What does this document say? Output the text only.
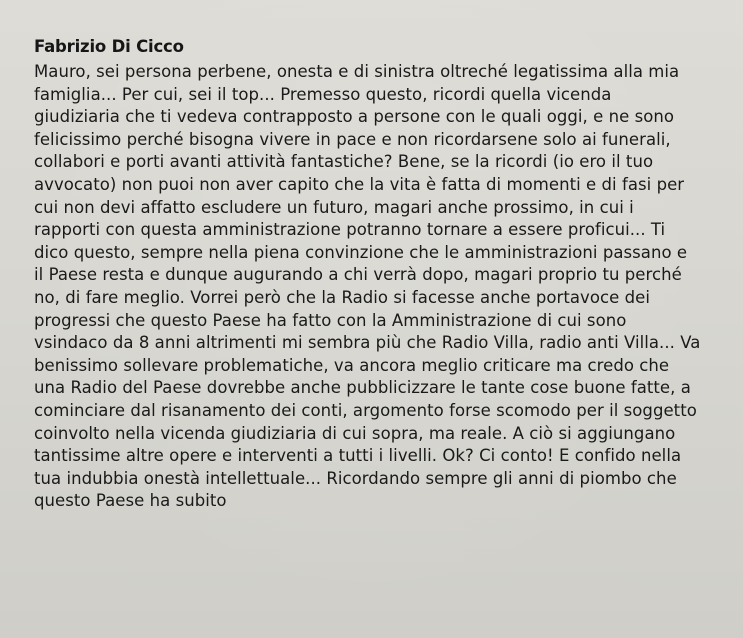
Fabrizio Di Cicco
Mauro, sei persona perbene, onesta e di sinistra oltreché legatissima alla mia
famiglia... Per cui, sei il top... Premesso questo, ricordi quella vicenda
giudiziaria che ti vedeva contrapposto a persone con le quali oggi, e ne sono
felicissimo perché bisogna vivere in pace e non ricordarsene solo ai funerali,
collabori e porti avanti attività fantastiche? Bene, se la ricordi (io ero il tuo
avvocato) non puoi non aver capito che la vita è fatta di momenti e di fasi per
cui non devi affatto escludere un futuro, magari anche prossimo, in cui i
rapporti con questa amministrazione potranno tornare a essere proficui... Ti
dico questo, sempre nella piena convinzione che le amministrazioni passano e
il Paese resta e dunque augurando a chi verrà dopo, magari proprio tu perché
no, di fare meglio. Vorrei però che la Radio si facesse anche portavoce dei
progressi che questo Paese ha fatto con la Amministrazione di cui sono
vsindaco da 8 anni altrimenti mi sembra più che Radio Villa, radio anti Villa... Va
benissimo sollevare problematiche, va ancora meglio criticare ma credo che
una Radio del Paese dovrebbe anche pubblicizzare le tante cose buone fatte, a
cominciare dal risanamento dei conti, argomento forse scomodo per il soggetto
coinvolto nella vicenda giudiziaria di cui sopra, ma reale. A ciò si aggiungano
tantissime altre opere e interventi a tutti i livelli. Ok? Ci conto! E confido nella
tua indubbia onestà intellettuale... Ricordando sempre gli anni di piombo che
questo Paese ha subito
